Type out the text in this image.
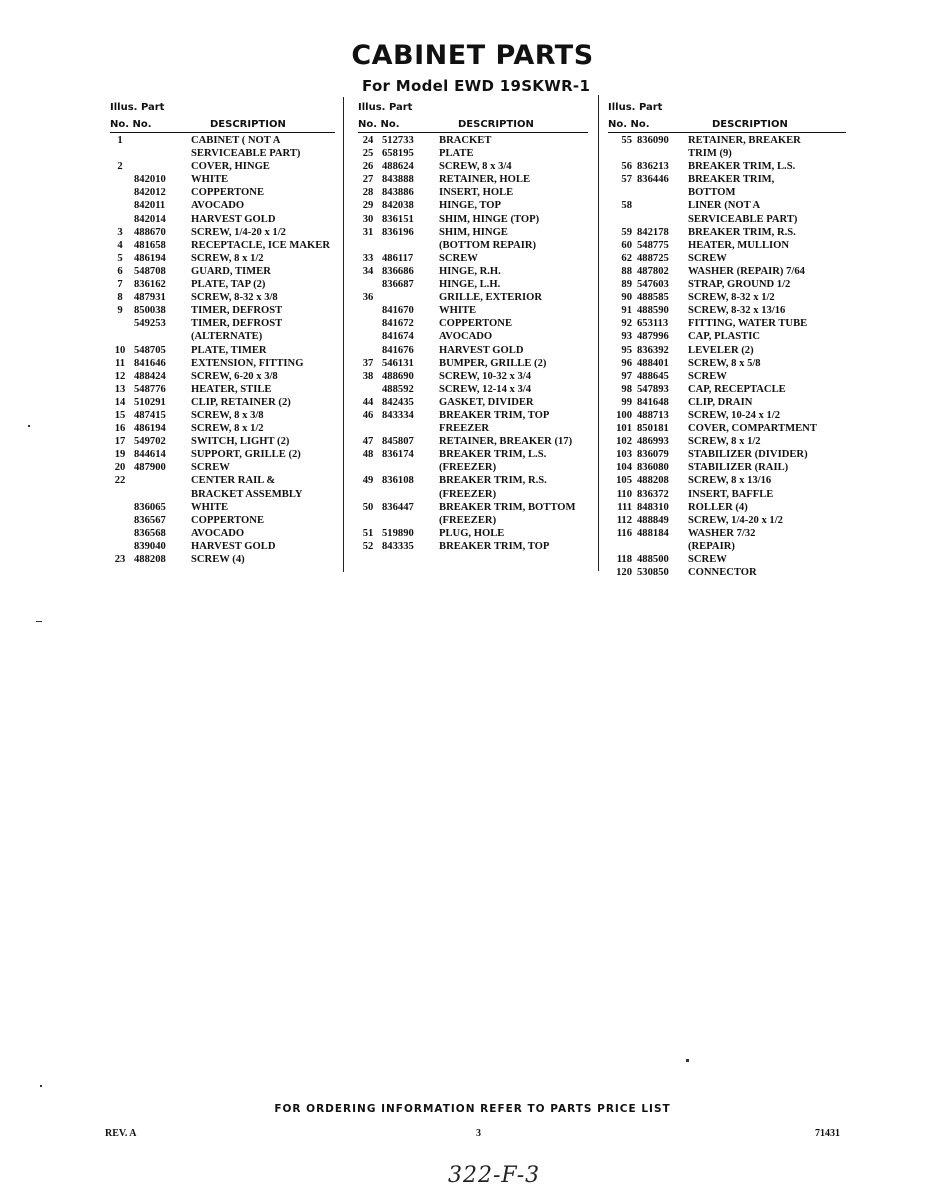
CABINET PARTS
For Model EWD 19SKWR-1
Illus. Part
No. No.	DESCRIPTION
1	CABINET ( NOT A
SERVICEABLE PART)
2	COVER, HINGE
842010 WHITE
842012 COPPERTONE
842011 AVOCADO
842014 HARVEST GOLD
3	488670 SCREW, 1/4-20 x 1/2
4	481658 RECEPTACLE, ICE MAKER
5	486194 SCREW, 8 x 1/2
6	548708 GUARD, TIMER
7	836162 PLATE, TAP (2)
8	487931 SCREW, 8-32 x 3/8
9	850038 TIMER, DEFROST
549253 TIMER, DEFROST
(ALTERNATE)
10 548705 PLATE, TIMER
11 841646 EXTENSION, FITTING
12 488424 SCREW, 6-20 x 3/8
13 548776 HEATER, STILE
14 510291 CLIP, RETAINER (2)
15 487415 SCREW, 8 x 3/8
16 486194 SCREW, 8 x 1/2
17 549702 SWITCH, LIGHT (2)
19 844614 SUPPORT, GRILLE (2)
20 487900 SCREW
22	CENTER RAIL &
BRACKET ASSEMBLY
836065 WHITE
836567 COPPERTONE
836568 AVOCADO
839040 HARVEST GOLD
23 488208 SCREW (4)
Illus. Part
No. No.	DESCRIPTION
24 512733 BRACKET
25 658195 PLATE
26 488624 SCREW, 8 x 3/4
27 843888 RETAINER, HOLE
28 843886 INSERT, HOLE
29 842038 HINGE, TOP
30 836151 SHIM, HINGE (TOP)
31 836196 SHIM, HINGE
(BOTTOM REPAIR)
33 486117 SCREW
34 836686 HINGE, R.H.
836687 HINGE, L.H.
36	GRILLE, EXTERIOR
841670 WHITE
841672 COPPERTONE
841674 AVOCADO
841676 HARVEST GOLD
37 546131 BUMPER, GRILLE (2)
38 488690 SCREW, 10-32 x 3/4
488592 SCREW, 12-14 x 3/4
44 842435 GASKET, DIVIDER
46 843334 BREAKER TRIM, TOP
FREEZER
47 845807 RETAINER, BREAKER (17)
48 836174 BREAKER TRIM, L.S.
(FREEZER)
49 836108 BREAKER TRIM, R.S.
(FREEZER)
50 836447 BREAKER TRIM, BOTTOM
(FREEZER)
51 519890 PLUG, HOLE
52 843335 BREAKER TRIM, TOP
Illus. Part
No. No.	DESCRIPTION
55 836090 RETAINER, BREAKER
TRIM (9)
56 836213 BREAKER TRIM, L.S.
57 836446 BREAKER TRIM,
BOTTOM
58	LINER (NOT A
SERVICEABLE PART)
59 842178 BREAKER TRIM, R.S.
60 548775 HEATER, MULLION
62 488725 SCREW
88 487802 WASHER (REPAIR) 7/64
89 547603 STRAP, GROUND 1/2
90 488585 SCREW, 8-32 x 1/2
91 488590 SCREW, 8-32 x 13/16
92 653113 FITTING, WATER TUBE
93 487996 CAP, PLASTIC
95 836392 LEVELER (2)
96 488401 SCREW, 8 x 5/8
97 488645 SCREW
98 547893 CAP, RECEPTACLE
99 841648 CLIP, DRAIN
100 488713 SCREW, 10-24 x 1/2
101 850181 COVER, COMPARTMENT
102 486993 SCREW, 8 x 1/2
103 836079 STABILIZER (DIVIDER)
104 836080 STABILIZER (RAIL)
105 488208 SCREW, 8 x 13/16
110 836372 INSERT, BAFFLE
111 848310 ROLLER (4)
112 488849 SCREW, 1/4-20 x 1/2
116 488184 WASHER 7/32
(REPAIR)
118 488500 SCREW
120 530850 CONNECTOR
FOR ORDERING INFORMATION REFER TO PARTS PRICE LIST
REV. A	3	71431
322-F-3
